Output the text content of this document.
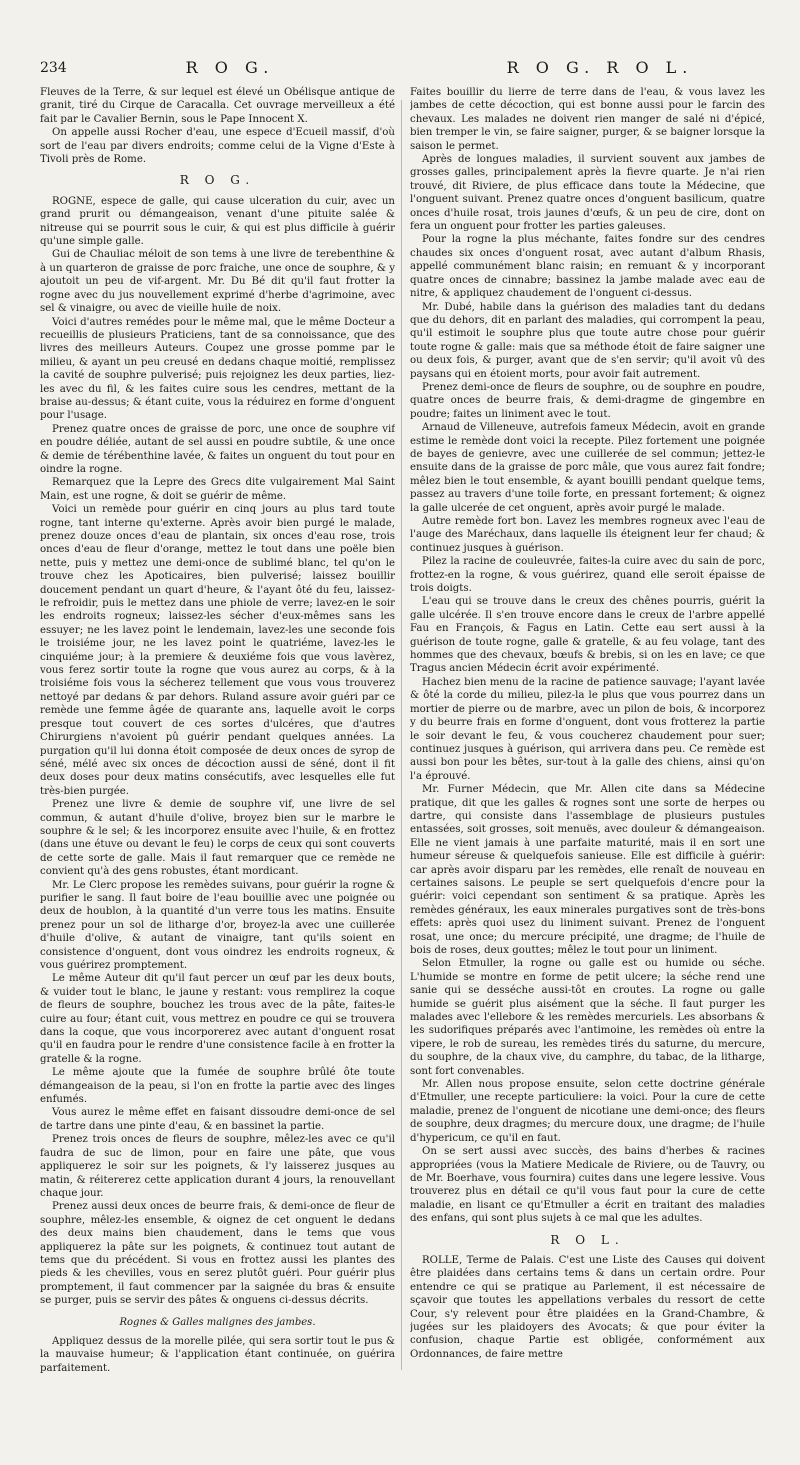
234	R O G.	R O G. R O L.

Fleuves de la Terre, & sur lequel est élevé un Obélisque antique de granit, tiré du Cirque de Caracalla. Cet ouvrage merveilleux a été fait par le Cavalier Bernin, sous le Pape Innocent X.

On appelle aussi Rocher d'eau, une espece d'Ecueil massif, d'où sort de l'eau par divers endroits; comme celui de la Vigne d'Este à Tivoli près de Rome.

R O G.

ROGNE, espece de galle, qui cause ulceration du cuir, avec un grand prurit ou démangeaison, venant d'une pituite salée & nitreuse qui se pourrit sous le cuir, & qui est plus difficile à guérir qu'une simple galle.

Gui de Chauliac méloit de son tems à une livre de terebenthine & à un quarteron de graisse de porc fraiche, une once de souphre, & y ajoutoit un peu de vif-argent. Mr. Du Bé dit qu'il faut frotter la rogne avec du jus nouvellement exprimé d'herbe d'agrimoine, avec sel & vinaigre, ou avec de vieille huile de noix.

Voici d'autres remédes pour le même mal, que le même Docteur a recueillis de plusieurs Praticiens, tant de sa connoissance, que des livres des meilleurs Auteurs. Coupez une grosse pomme par le milieu, & ayant un peu creusé en dedans chaque moitié, remplissez la cavité de souphre pulverisé; puis rejoignez les deux parties, liez-les avec du fil, & les faites cuire sous les cendres, mettant de la braise au-dessus; & étant cuite, vous la réduirez en forme d'onguent pour l'usage.

Prenez quatre onces de graisse de porc, une once de souphre vif en poudre déliée, autant de sel aussi en poudre subtile, & une once & demie de térébenthine lavée, & faites un onguent du tout pour en oindre la rogne.

Remarquez que la Lepre des Grecs dite vulgairement Mal Saint Main, est une rogne, & doit se guérir de même.

Voici un remède pour guérir en cinq jours au plus tard toute rogne, tant interne qu'externe. Après avoir bien purgé le malade, prenez douze onces d'eau de plantain, six onces d'eau rose, trois onces d'eau de fleur d'orange, mettez le tout dans une poële bien nette, puis y mettez une demi-once de sublimé blanc, tel qu'on le trouve chez les Apoticaires, bien pulverisé; laissez bouillir doucement pendant un quart d'heure, & l'ayant ôté du feu, laissez-le refroidir, puis le mettez dans une phiole de verre; lavez-en le soir les endroits rogneux; laissez-les sécher d'eux-mêmes sans les essuyer; ne les lavez point le lendemain, lavez-les une seconde fois le troisiéme jour, ne les lavez point le quatriéme, lavez-les le cinquiéme jour; à la premiere & deuxiéme fois que vous lavèrez, vous ferez sortir toute la rogne que vous aurez au corps, & à la troisiéme fois vous la sécherez tellement que vous vous trouverez nettoyé par dedans & par dehors. Ruland assure avoir guéri par ce remède une femme âgée de quarante ans, laquelle avoit le corps presque tout couvert de ces sortes d'ulcéres, que d'autres Chirurgiens n'avoient pû guérir pendant quelques années. La purgation qu'il lui donna étoit composée de deux onces de syrop de séné, mélé avec six onces de décoction aussi de séné, dont il fit deux doses pour deux matins consécutifs, avec lesquelles elle fut très-bien purgée.

Prenez une livre & demie de souphre vif, une livre de sel commun, & autant d'huile d'olive, broyez bien sur le marbre le souphre & le sel; & les incorporez ensuite avec l'huile, & en frottez (dans une étuve ou devant le feu) le corps de ceux qui sont couverts de cette sorte de galle. Mais il faut remarquer que ce remède ne convient qu'à des gens robustes, étant mordicant.

Mr. Le Clerc propose les remèdes suivans, pour guérir la rogne & purifier le sang. Il faut boire de l'eau bouillie avec une poignée ou deux de houblon, à la quantité d'un verre tous les matins. Ensuite prenez pour un sol de litharge d'or, broyez-la avec une cuillerée d'huile d'olive, & autant de vinaigre, tant qu'ils soient en consistence d'onguent, dont vous oindrez les endroits rogneux, & vous guérirez promptement.

Le même Auteur dit qu'il faut percer un œuf par les deux bouts, & vuider tout le blanc, le jaune y restant: vous remplirez la coque de fleurs de souphre, bouchez les trous avec de la pâte, faites-le cuire au four; étant cuit, vous mettrez en poudre ce qui se trouvera dans la coque, que vous incorporerez avec autant d'onguent rosat qu'il en faudra pour le rendre d'une consistence facile à en frotter la gratelle & la rogne.

Le même ajoute que la fumée de souphre brûlé ôte toute démangeaison de la peau, si l'on en frotte la partie avec des linges enfumés.

Vous aurez le même effet en faisant dissoudre demi-once de sel de tartre dans une pinte d'eau, & en bassinet la partie.

Prenez trois onces de fleurs de souphre, mêlez-les avec ce qu'il faudra de suc de limon, pour en faire une pâte, que vous appliquerez le soir sur les poignets, & l'y laisserez jusques au matin, & réitererez cette application durant 4 jours, la renouvellant chaque jour.

Prenez aussi deux onces de beurre frais, & demi-once de fleur de souphre, mêlez-les ensemble, & oignez de cet onguent le dedans des deux mains bien chaudement, dans le tems que vous appliquerez la pâte sur les poignets, & continuez tout autant de tems que du précédent. Si vous en frottez aussi les plantes des pieds & les chevilles, vous en serez plutôt guéri. Pour guérir plus promptement, il faut commencer par la saignée du bras & ensuite se purger, puis se servir des pâtes & onguens ci-dessus décrits.

Rognes & Galles malignes des jambes.

Appliquez dessus de la morelle pilée, qui sera sortir tout le pus & la mauvaise humeur; & l'application étant continuée, on guérira parfaitement.

Faites bouillir du lierre de terre dans de l'eau, & vous lavez les jambes de cette décoction, qui est bonne aussi pour le farcin des chevaux. Les malades ne doivent rien manger de salé ni d'épicé, bien tremper le vin, se faire saigner, purger, & se baigner lorsque la saison le permet.

Après de longues maladies, il survient souvent aux jambes de grosses galles, principalement après la fievre quarte. Je n'ai rien trouvé, dit Riviere, de plus efficace dans toute la Médecine, que l'onguent suivant. Prenez quatre onces d'onguent basilicum, quatre onces d'huile rosat, trois jaunes d'œufs, & un peu de cire, dont on fera un onguent pour frotter les parties galeuses.

Pour la rogne la plus méchante, faites fondre sur des cendres chaudes six onces d'onguent rosat, avec autant d'album Rhasis, appellé communément blanc raisin; en remuant & y incorporant quatre onces de cinnabre; bassinez la jambe malade avec eau de nitre, & appliquez chaudement de l'onguent ci-dessus.

Mr. Dubé, habile dans la guérison des maladies tant du dedans que du dehors, dit en parlant des maladies, qui corrompent la peau, qu'il estimoit le souphre plus que toute autre chose pour guérir toute rogne & galle: mais que sa méthode étoit de faire saigner une ou deux fois, & purger, avant que de s'en servir; qu'il avoit vû des paysans qui en étoient morts, pour avoir fait autrement.

Prenez demi-once de fleurs de souphre, ou de souphre en poudre, quatre onces de beurre frais, & demi-dragme de gingembre en poudre; faites un liniment avec le tout.

Arnaud de Villeneuve, autrefois fameux Médecin, avoit en grande estime le remède dont voici la recepte. Pilez fortement une poignée de bayes de genievre, avec une cuillerée de sel commun; jettez-le ensuite dans de la graisse de porc mâle, que vous aurez fait fondre; mêlez bien le tout ensemble, & ayant bouilli pendant quelque tems, passez au travers d'une toile forte, en pressant fortement; & oignez la galle ulcerée de cet onguent, après avoir purgé le malade.

Autre remède fort bon. Lavez les membres rogneux avec l'eau de l'auge des Maréchaux, dans laquelle ils éteignent leur fer chaud; & continuez jusques à guérison.

Pilez la racine de couleuvrée, faites-la cuire avec du sain de porc, frottez-en la rogne, & vous guérirez, quand elle seroit épaisse de trois doigts.

L'eau qui se trouve dans le creux des chênes pourris, guérit la galle ulcérée. Il s'en trouve encore dans le creux de l'arbre appellé Fau en François, & Fagus en Latin. Cette eau sert aussi à la guérison de toute rogne, galle & gratelle, & au feu volage, tant des hommes que des chevaux, bœufs & brebis, si on les en lave; ce que Tragus ancien Médecin écrit avoir expérimenté.

Hachez bien menu de la racine de patience sauvage; l'ayant lavée & ôté la corde du milieu, pilez-la le plus que vous pourrez dans un mortier de pierre ou de marbre, avec un pilon de bois, & incorporez y du beurre frais en forme d'onguent, dont vous frotterez la partie le soir devant le feu, & vous coucherez chaudement pour suer; continuez jusques à guérison, qui arrivera dans peu. Ce remède est aussi bon pour les bêtes, sur-tout à la galle des chiens, ainsi qu'on l'a éprouvé.

Mr. Furner Médecin, que Mr. Allen cite dans sa Médecine pratique, dit que les galles & rognes sont une sorte de herpes ou dartre, qui consiste dans l'assemblage de plusieurs pustules entassées, soit grosses, soit menuës, avec douleur & démangeaison. Elle ne vient jamais à une parfaite maturité, mais il en sort une humeur séreuse & quelquefois sanieuse. Elle est difficile à guérir: car après avoir disparu par les remèdes, elle renaît de nouveau en certaines saisons. Le peuple se sert quelquefois d'encre pour la guérir: voici cependant son sentiment & sa pratique. Après les remèdes généraux, les eaux minerales purgatives sont de très-bons effets: après quoi usez du liniment suivant. Prenez de l'onguent rosat, une once; du mercure précipité, une dragme; de l'huile de bois de roses, deux gouttes; mêlez le tout pour un liniment.

Selon Etmuller, la rogne ou galle est ou humide ou séche. L'humide se montre en forme de petit ulcere; la séche rend une sanie qui se desséche aussi-tôt en croutes. La rogne ou galle humide se guérit plus aisément que la séche. Il faut purger les malades avec l'ellebore & les remèdes mercuriels. Les absorbans & les sudorifiques préparés avec l'antimoine, les remèdes où entre la vipere, le rob de sureau, les remèdes tirés du saturne, du mercure, du souphre, de la chaux vive, du camphre, du tabac, de la litharge, sont fort convenables.

Mr. Allen nous propose ensuite, selon cette doctrine générale d'Etmuller, une recepte particuliere: la voici. Pour la cure de cette maladie, prenez de l'onguent de nicotiane une demi-once; des fleurs de souphre, deux dragmes; du mercure doux, une dragme; de l'huile d'hypericum, ce qu'il en faut.

On se sert aussi avec succès, des bains d'herbes & racines appropriées (vous la Matiere Medicale de Riviere, ou de Tauvry, ou de Mr. Boerhave, vous fournira) cuites dans une legere lessive. Vous trouverez plus en détail ce qu'il vous faut pour la cure de cette maladie, en lisant ce qu'Etmuller a écrit en traitant des maladies des enfans, qui sont plus sujets à ce mal que les adultes.

R O L.

ROLLE, Terme de Palais. C'est une Liste des Causes qui doivent être plaidées dans certains tems & dans un certain ordre. Pour entendre ce qui se pratique au Parlement, il est nécessaire de sçavoir que toutes les appellations verbales du ressort de cette Cour, s'y relevent pour être plaidées en la Grand-Chambre, & jugées sur les plaidoyers des Avocats; & que pour éviter la confusion, chaque Partie est obligée, conformément aux Ordonnances, de faire mettre
